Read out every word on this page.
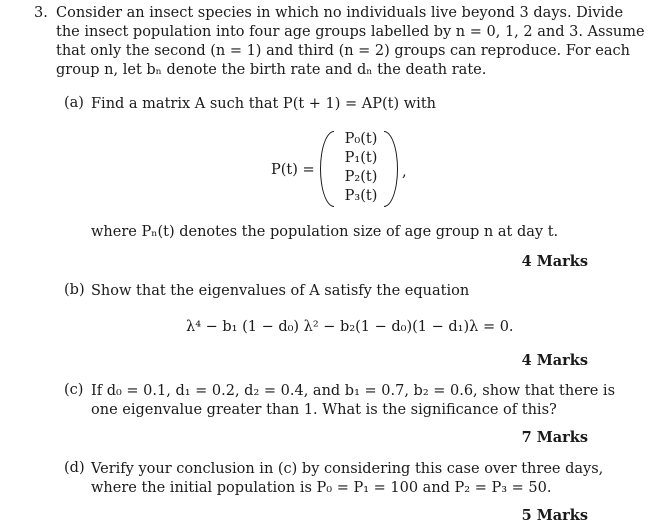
3. Consider an insect species in which no individuals live beyond 3 days. Divide
the insect population into four age groups labelled by n = 0, 1, 2 and 3. Assume
that only the second (n = 1) and third (n = 2) groups can reproduce. For each
group n, let bₙ denote the birth rate and dₙ the death rate.
(a) Find a matrix A such that P(t + 1) = AP(t) with
P(t) =
P₀(t)
P₁(t)
P₂(t)
P₃(t)
,
where Pₙ(t) denotes the population size of age group n at day t.
4 Marks
(b) Show that the eigenvalues of A satisfy the equation
λ⁴ − b₁ (1 − d₀) λ² − b₂(1 − d₀)(1 − d₁)λ = 0.
4 Marks
(c) If d₀ = 0.1, d₁ = 0.2, d₂ = 0.4, and b₁ = 0.7, b₂ = 0.6, show that there is
one eigenvalue greater than 1. What is the significance of this?
7 Marks
(d) Verify your conclusion in (c) by considering this case over three days,
where the initial population is P₀ = P₁ = 100 and P₂ = P₃ = 50.
5 Marks
